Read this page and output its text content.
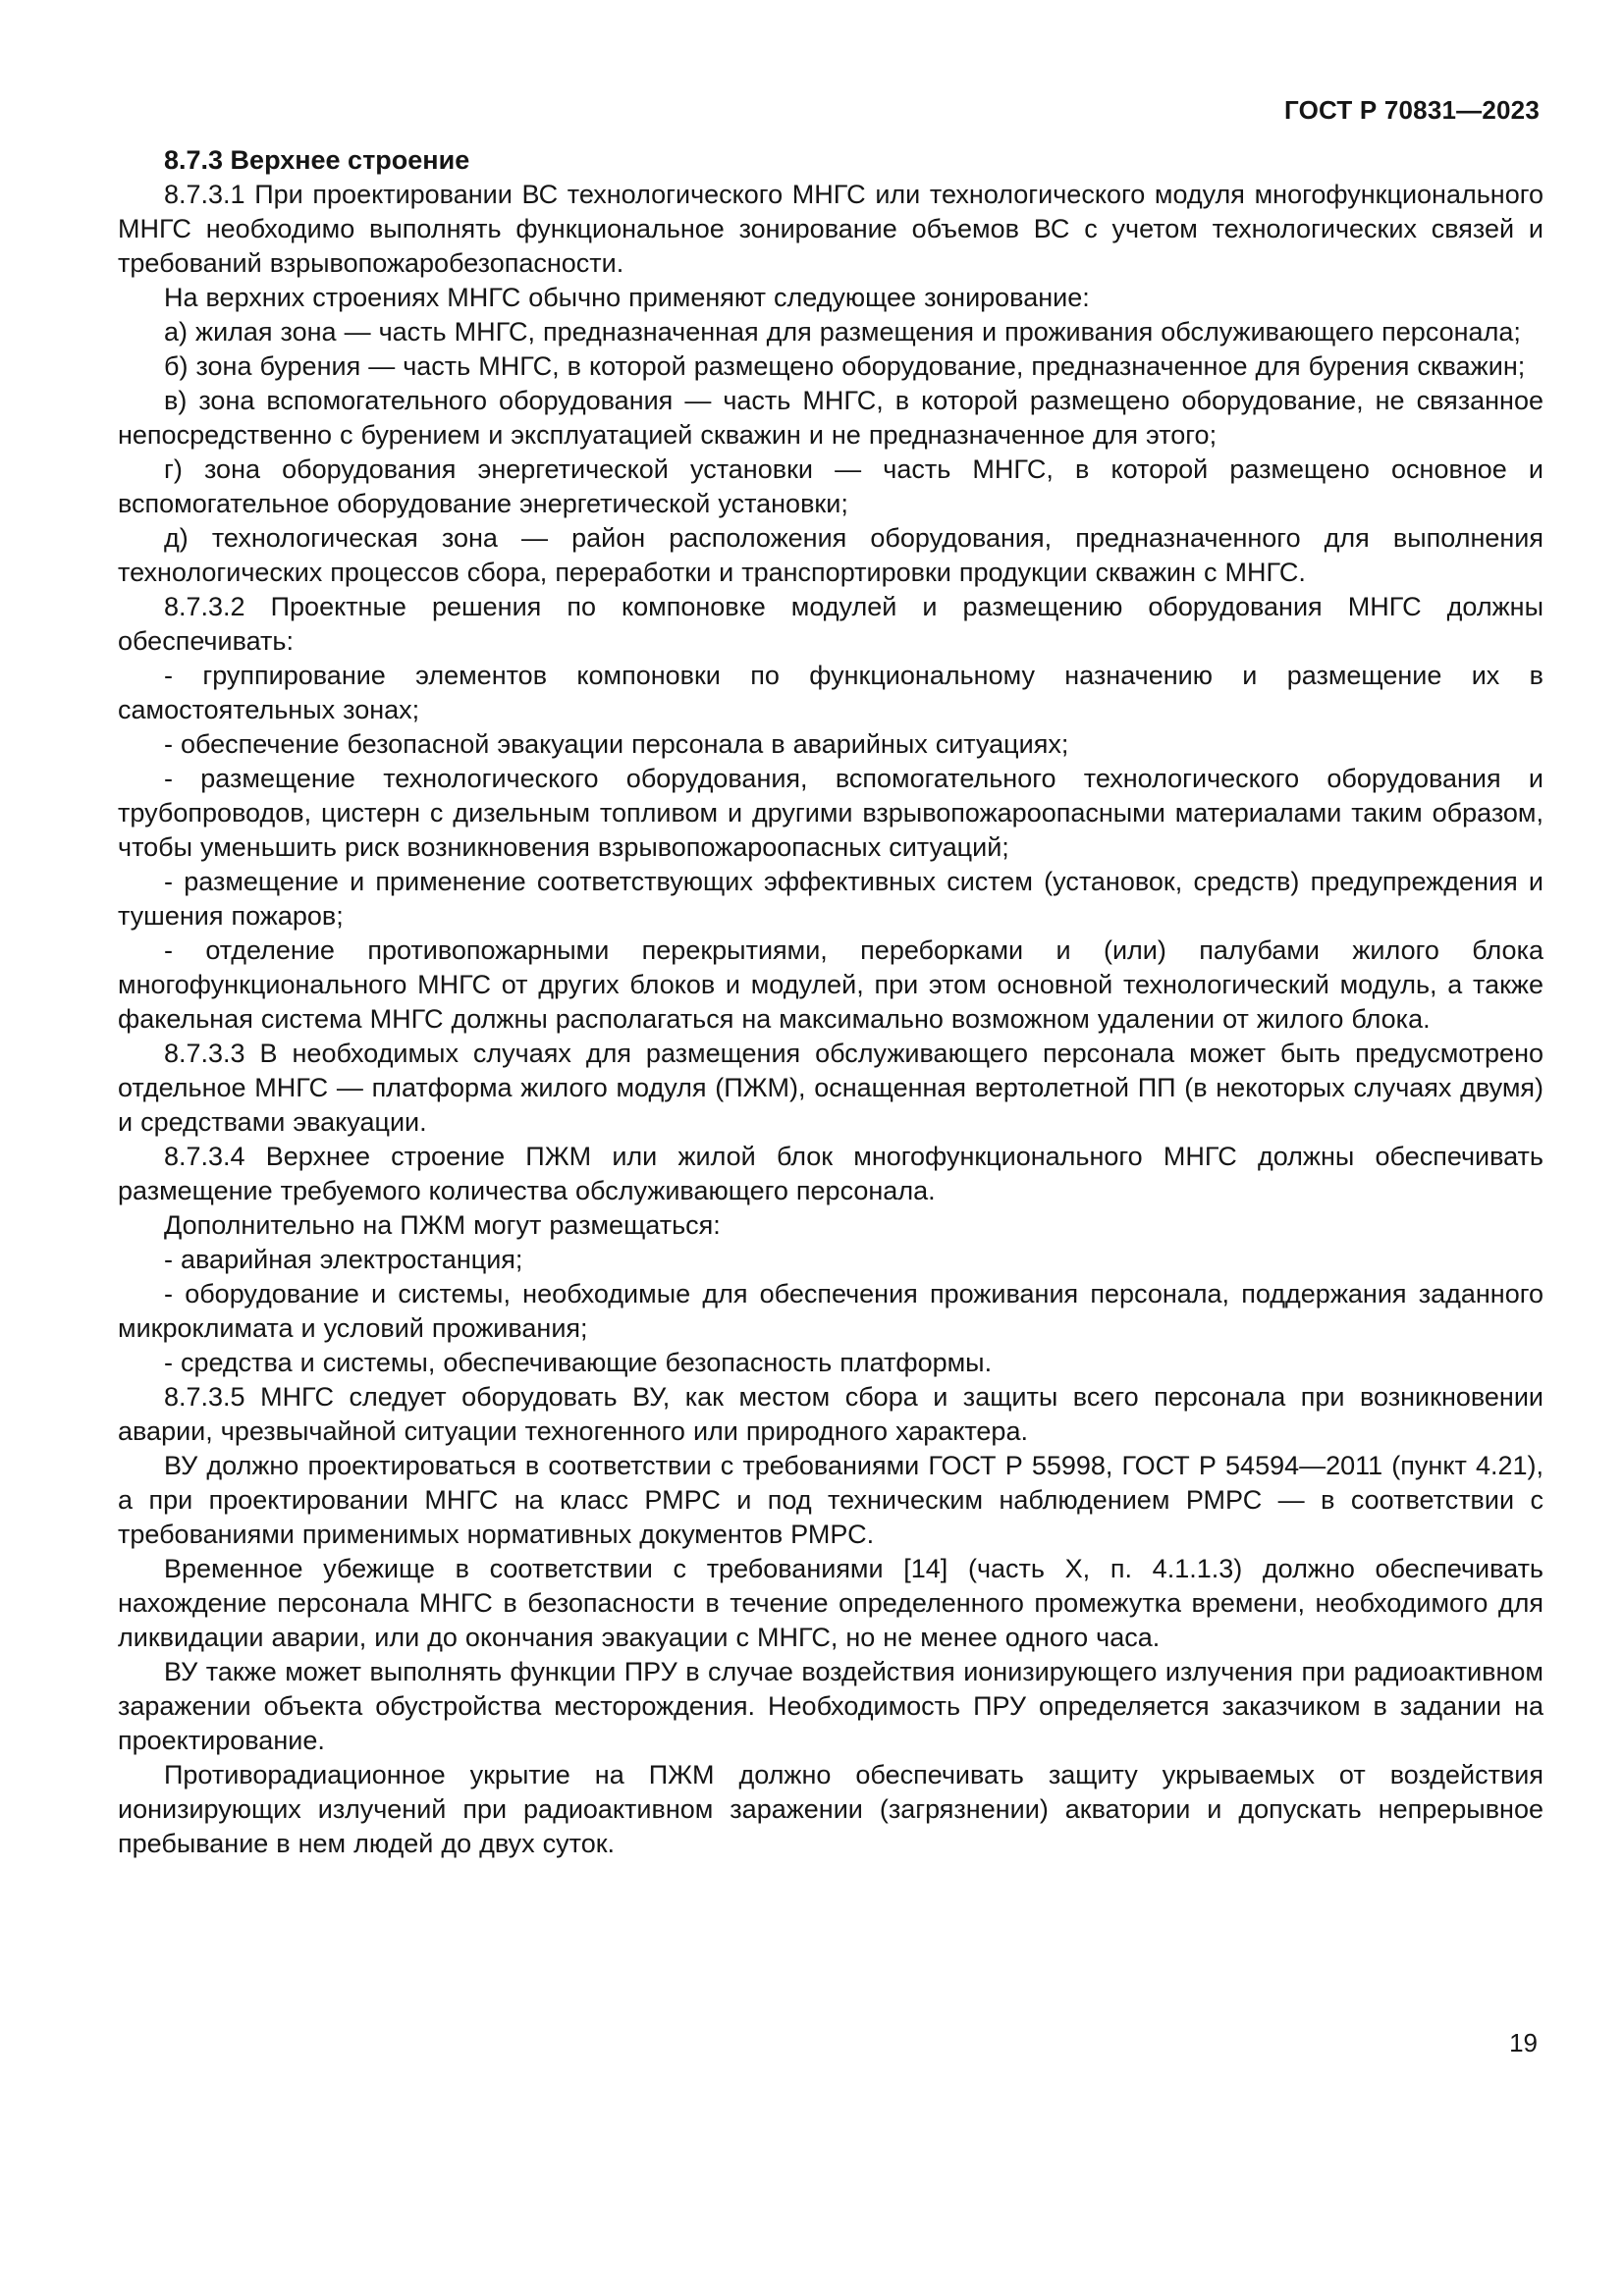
ГОСТ Р 70831—2023
8.7.3 Верхнее строение

8.7.3.1 При проектировании ВС технологического МНГС или технологического модуля многофункционального МНГС необходимо выполнять функциональное зонирование объемов ВС с учетом технологических связей и требований взрывопожаробезопасности.

На верхних строениях МНГС обычно применяют следующее зонирование:

а) жилая зона — часть МНГС, предназначенная для размещения и проживания обслуживающего персонала;

б) зона бурения — часть МНГС, в которой размещено оборудование, предназначенное для бурения скважин;

в) зона вспомогательного оборудования — часть МНГС, в которой размещено оборудование, не связанное непосредственно с бурением и эксплуатацией скважин и не предназначенное для этого;

г) зона оборудования энергетической установки — часть МНГС, в которой размещено основное и вспомогательное оборудование энергетической установки;

д) технологическая зона — район расположения оборудования, предназначенного для выполнения технологических процессов сбора, переработки и транспортировки продукции скважин с МНГС.

8.7.3.2 Проектные решения по компоновке модулей и размещению оборудования МНГС должны обеспечивать:

- группирование элементов компоновки по функциональному назначению и размещение их в самостоятельных зонах;

- обеспечение безопасной эвакуации персонала в аварийных ситуациях;

- размещение технологического оборудования, вспомогательного технологического оборудования и трубопроводов, цистерн с дизельным топливом и другими взрывопожароопасными материалами таким образом, чтобы уменьшить риск возникновения взрывопожароопасных ситуаций;

- размещение и применение соответствующих эффективных систем (установок, средств) предупреждения и тушения пожаров;

- отделение противопожарными перекрытиями, переборками и (или) палубами жилого блока многофункционального МНГС от других блоков и модулей, при этом основной технологический модуль, а также факельная система МНГС должны располагаться на максимально возможном удалении от жилого блока.

8.7.3.3 В необходимых случаях для размещения обслуживающего персонала может быть предусмотрено отдельное МНГС — платформа жилого модуля (ПЖМ), оснащенная вертолетной ПП (в некоторых случаях двумя) и средствами эвакуации.

8.7.3.4 Верхнее строение ПЖМ или жилой блок многофункционального МНГС должны обеспечивать размещение требуемого количества обслуживающего персонала.

Дополнительно на ПЖМ могут размещаться:

- аварийная электростанция;

- оборудование и системы, необходимые для обеспечения проживания персонала, поддержания заданного микроклимата и условий проживания;

- средства и системы, обеспечивающие безопасность платформы.

8.7.3.5 МНГС следует оборудовать ВУ, как местом сбора и защиты всего персонала при возникновении аварии, чрезвычайной ситуации техногенного или природного характера.

ВУ должно проектироваться в соответствии с требованиями ГОСТ Р 55998, ГОСТ Р 54594—2011 (пункт 4.21), а при проектировании МНГС на класс РМРС и под техническим наблюдением РМРС — в соответствии с требованиями применимых нормативных документов РМРС.

Временное убежище в соответствии с требованиями [14] (часть X, п. 4.1.1.3) должно обеспечивать нахождение персонала МНГС в безопасности в течение определенного промежутка времени, необходимого для ликвидации аварии, или до окончания эвакуации с МНГС, но не менее одного часа.

ВУ также может выполнять функции ПРУ в случае воздействия ионизирующего излучения при радиоактивном заражении объекта обустройства месторождения. Необходимость ПРУ определяется заказчиком в задании на проектирование.

Противорадиационное укрытие на ПЖМ должно обеспечивать защиту укрываемых от воздействия ионизирующих излучений при радиоактивном заражении (загрязнении) акватории и допускать непрерывное пребывание в нем людей до двух суток.

19
